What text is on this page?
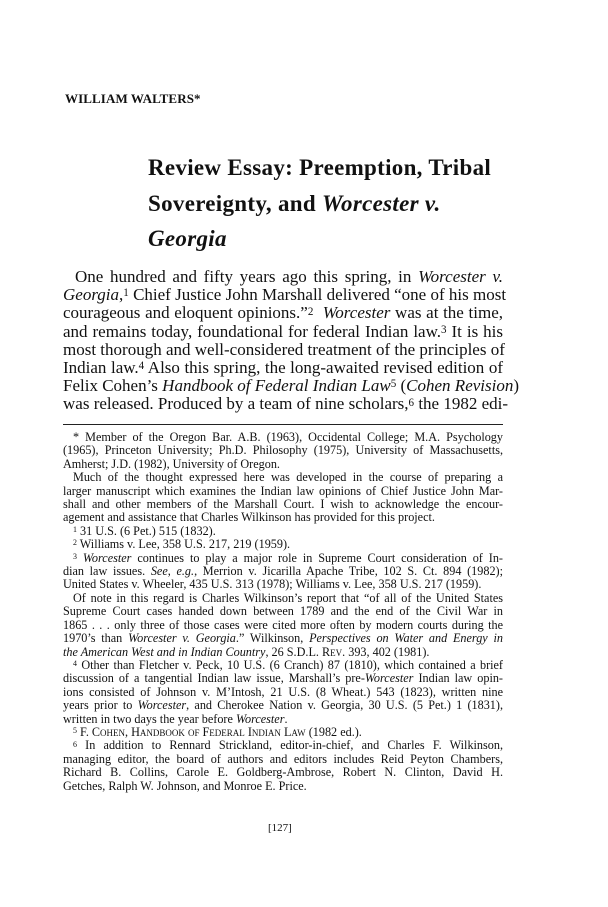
WILLIAM WALTERS*
Review Essay: Preemption, Tribal
Sovereignty, and Worcester v.
Georgia
One hundred and fifty years ago this spring, in Worcester v.
Georgia,$^1$ Chief Justice John Marshall delivered “one of his most
courageous and eloquent opinions.”$^2$ Worcester was at the time,
and remains today, foundational for federal Indian law.$^3$ It is his
most thorough and well-considered treatment of the principles of
Indian law.$^4$ Also this spring, the long-awaited revised edition of
Felix Cohen’s Handbook of Federal Indian Law$^5$ (Cohen Revision)
was released. Produced by a team of nine scholars,$^6$ the 1982 edi-
* Member of the Oregon Bar. A.B. (1963), Occidental College; M.A. Psychology
(1965), Princeton University; Ph.D. Philosophy (1975), University of Massachusetts,
Amherst; J.D. (1982), University of Oregon.
Much of the thought expressed here was developed in the course of preparing a
larger manuscript which examines the Indian law opinions of Chief Justice John Mar-
shall and other members of the Marshall Court. I wish to acknowledge the encour-
agement and assistance that Charles Wilkinson has provided for this project.
$^1$ 31 U.S. (6 Pet.) 515 (1832).
$^2$ Williams v. Lee, 358 U.S. 217, 219 (1959).
$^3$ Worcester continues to play a major role in Supreme Court consideration of In-
dian law issues. See, e.g., Merrion v. Jicarilla Apache Tribe, 102 S. Ct. 894 (1982);
United States v. Wheeler, 435 U.S. 313 (1978); Williams v. Lee, 358 U.S. 217 (1959).
Of note in this regard is Charles Wilkinson’s report that “of all of the United States
Supreme Court cases handed down between 1789 and the end of the Civil War in
1865 . . . only three of those cases were cited more often by modern courts during the
1970’s than Worcester v. Georgia.” Wilkinson, Perspectives on Water and Energy in
the American West and in Indian Country, 26 S.D.L. Rev. 393, 402 (1981).
$^4$ Other than Fletcher v. Peck, 10 U.S. (6 Cranch) 87 (1810), which contained a brief
discussion of a tangential Indian law issue, Marshall’s pre-Worcester Indian law opin-
ions consisted of Johnson v. M’Intosh, 21 U.S. (8 Wheat.) 543 (1823), written nine
years prior to Worcester, and Cherokee Nation v. Georgia, 30 U.S. (5 Pet.) 1 (1831),
written in two days the year before Worcester.
$^5$ F. Cohen, Handbook of Federal Indian Law (1982 ed.).
$^6$ In addition to Rennard Strickland, editor-in-chief, and Charles F. Wilkinson,
managing editor, the board of authors and editors includes Reid Peyton Chambers,
Richard B. Collins, Carole E. Goldberg-Ambrose, Robert N. Clinton, David H.
Getches, Ralph W. Johnson, and Monroe E. Price.
[127]
